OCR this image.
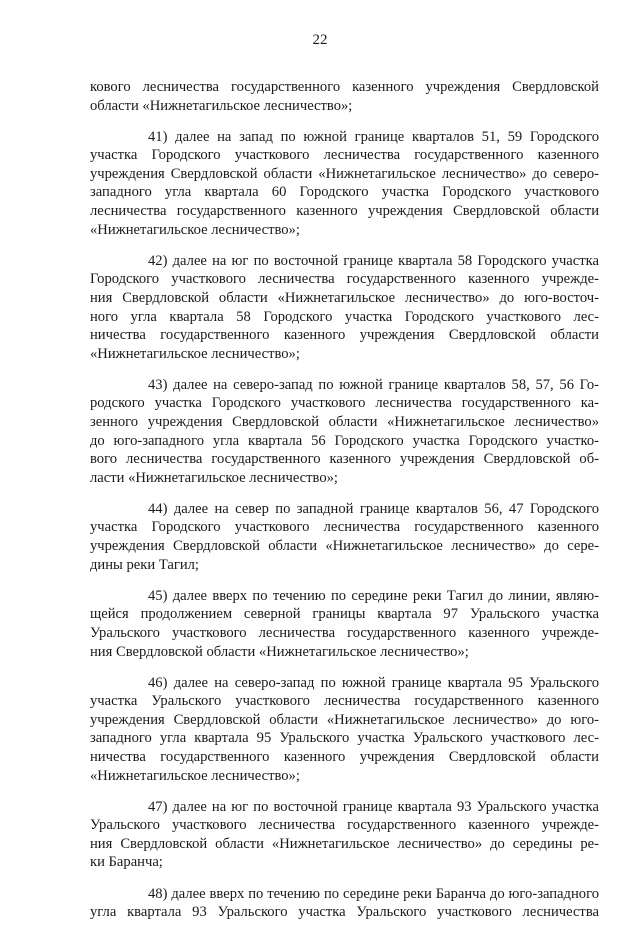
22

кового лесничества государственного казенного учреждения Свердловской
области «Нижнетагильское лесничество»;

41) далее на запад по южной границе кварталов 51, 59 Городского
участка Городского участкового лесничества государственного казенного
учреждения Свердловской области «Нижнетагильское лесничество» до северо-
западного угла квартала 60 Городского участка Городского участкового
лесничества государственного казенного учреждения Свердловской области
«Нижнетагильское лесничество»;

42) далее на юг по восточной границе квартала 58 Городского участка
Городского участкового лесничества государственного казенного учрежде-
ния Свердловской области «Нижнетагильское лесничество» до юго-восточ-
ного угла квартала 58 Городского участка Городского участкового лес-
ничества государственного казенного учреждения Свердловской области
«Нижнетагильское лесничество»;

43) далее на северо-запад по южной границе кварталов 58, 57, 56 Го-
родского участка Городского участкового лесничества государственного ка-
зенного учреждения Свердловской области «Нижнетагильское лесничество»
до юго-западного угла квартала 56 Городского участка Городского участко-
вого лесничества государственного казенного учреждения Свердловской об-
ласти «Нижнетагильское лесничество»;

44) далее на север по западной границе кварталов 56, 47 Городского
участка Городского участкового лесничества государственного казенного
учреждения Свердловской области «Нижнетагильское лесничество» до сере-
дины реки Тагил;

45) далее вверх по течению по середине реки Тагил до линии, являю-
щейся продолжением северной границы квартала 97 Уральского участка
Уральского участкового лесничества государственного казенного учрежде-
ния Свердловской области «Нижнетагильское лесничество»;

46) далее на северо-запад по южной границе квартала 95 Уральского
участка Уральского участкового лесничества государственного казенного
учреждения Свердловской области «Нижнетагильское лесничество» до юго-
западного угла квартала 95 Уральского участка Уральского участкового лес-
ничества государственного казенного учреждения Свердловской области
«Нижнетагильское лесничество»;

47) далее на юг по восточной границе квартала 93 Уральского участка
Уральского участкового лесничества государственного казенного учрежде-
ния Свердловской области «Нижнетагильское лесничество» до середины ре-
ки Баранча;

48) далее вверх по течению по середине реки Баранча до юго-западного
угла квартала 93 Уральского участка Уральского участкового лесничества
